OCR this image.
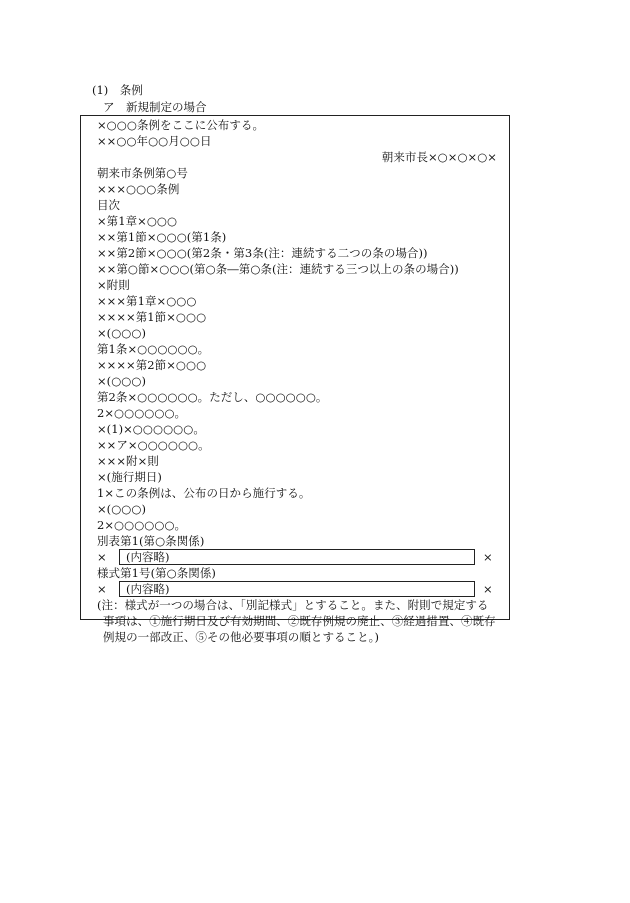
(1)　条例
ア　新規制定の場合
×○○○条例をここに公布する。
××○○年○○月○○日
朝来市長×○×○×○×
朝来市条例第○号
×××○○○条例
目次
×第1章×○○○
××第1節×○○○(第1条)
××第2節×○○○(第2条・第3条(注：連続する二つの条の場合))
××第○節×○○○(第○条―第○条(注：連続する三つ以上の条の場合))
×附則
×××第1章×○○○
××××第1節×○○○
×(○○○)
第1条×○○○○○○。
××××第2節×○○○
×(○○○)
第2条×○○○○○○。ただし、○○○○○○。
2×○○○○○○。
×(1)×○○○○○○。
××ア×○○○○○○。
×××附×則
×(施行期日)
1×この条例は、公布の日から施行する。
×(○○○)
2×○○○○○○。
別表第1(第○条関係)
×	(内容略)	×
様式第1号(第○条関係)
×	(内容略)	×
(注：様式が一つの場合は、「別記様式」とすること。また、附則で規定する
事項は、①施行期日及び有効期間、②既存例規の廃止、③経過措置、④既存
例規の一部改正、⑤その他必要事項の順とすること。)
